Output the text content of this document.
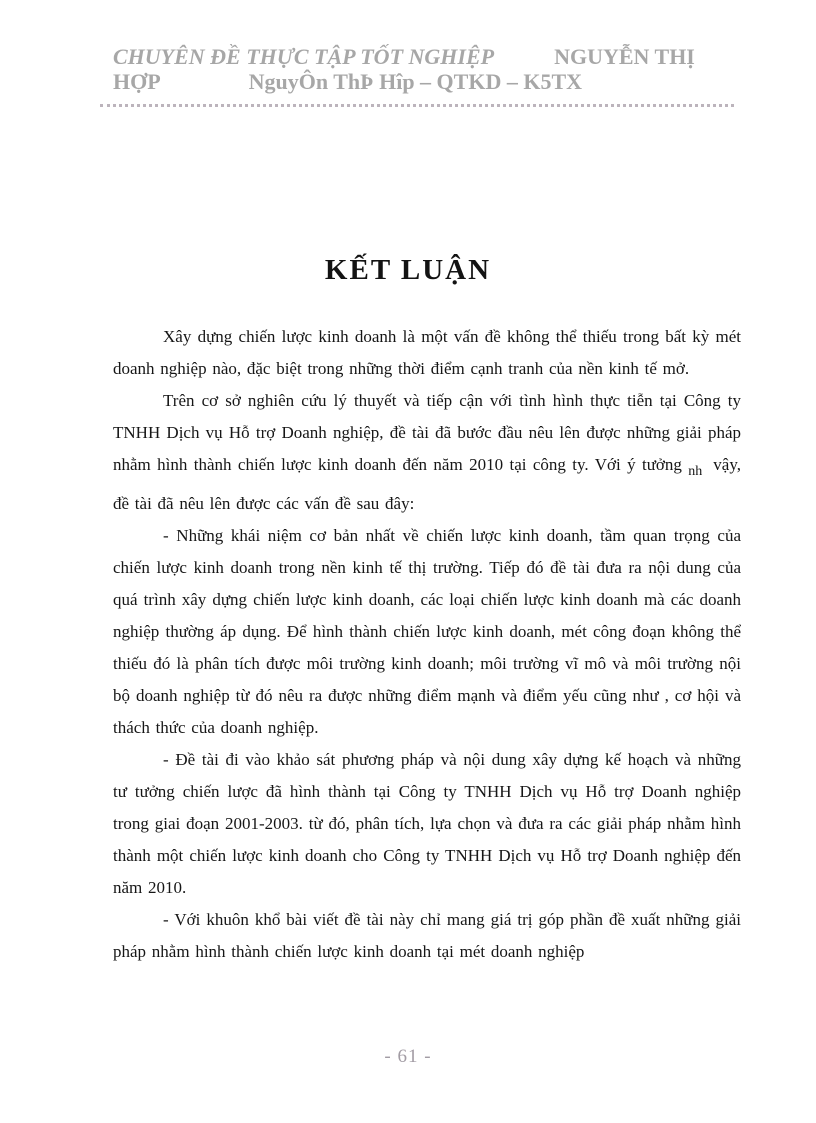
CHUYÊN ĐỀ THỰC TẬP TỐT NGHIỆP	NGUYỄN THỊ
HỢP	NguyÔn ThÞ Hîp – QTKD – K5TX
KẾT LUẬN

Xây dựng chiến lược kinh doanh là một vấn đề không thể thiếu trong bất kỳ mét doanh nghiệp nào, đặc biệt trong những thời điểm cạnh tranh của nền kinh tế mở.

Trên cơ sở nghiên cứu lý thuyết và tiếp cận với tình hình thực tiễn tại Công ty TNHH Dịch vụ Hỗ trợ Doanh nghiệp, đề tài đã bước đầu nêu lên được những giải pháp nhằm hình thành chiến lược kinh doanh đến năm 2010 tại công ty. Với ý tưởng $_{nh}$ vậy, đề tài đã nêu lên được các vấn đề sau đây:

- Những khái niệm cơ bản nhất về chiến lược kinh doanh, tầm quan trọng của chiến lược kinh doanh trong nền kinh tế thị trường. Tiếp đó đề tài đưa ra nội dung của quá trình xây dựng chiến lược kinh doanh, các loại chiến lược kinh doanh mà các doanh nghiệp thường áp dụng. Để hình thành chiến lược kinh doanh, mét công đoạn không thể thiếu đó là phân tích được môi trường kinh doanh; môi trường vĩ mô và môi trường nội bộ doanh nghiệp từ đó nêu ra được những điểm mạnh và điểm yếu cũng như , cơ hội và thách thức của doanh nghiệp.

- Đề tài đi vào khảo sát phương pháp và nội dung xây dựng kế hoạch và những tư tưởng chiến lược đã hình thành tại Công ty TNHH Dịch vụ Hỗ trợ Doanh nghiệp trong giai đoạn 2001-2003. từ đó, phân tích, lựa chọn và đưa ra các giải pháp nhằm hình thành một chiến lược kinh doanh cho Công ty TNHH Dịch vụ Hỗ trợ Doanh nghiệp đến năm 2010.

- Với khuôn khổ bài viết đề tài này chỉ mang giá trị góp phần đề xuất những giải pháp nhằm hình thành chiến lược kinh doanh tại mét doanh nghiệp

- 61 -
